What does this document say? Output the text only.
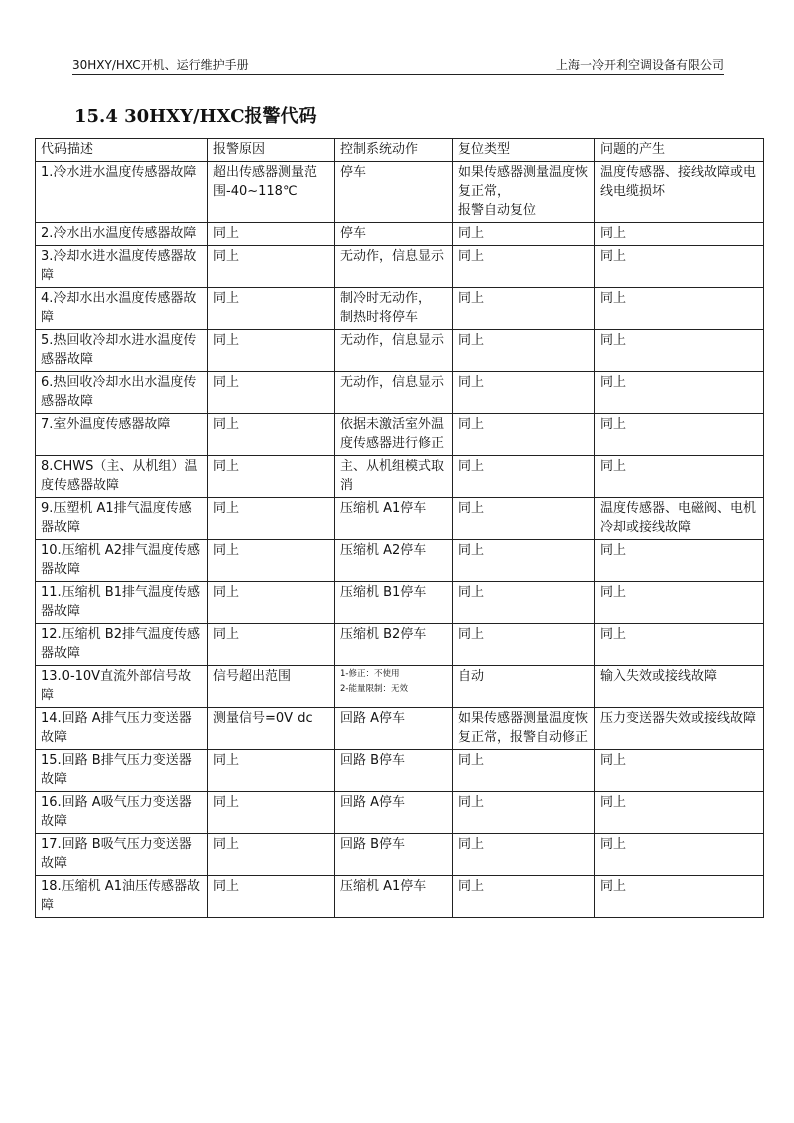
30HXY/HXC开机、运行维护手册	上海一冷开利空调设备有限公司
15.4 30HXY/HXC报警代码
代码描述	报警原因	控制系统动作	复位类型	问题的产生
1.冷水进水温度传感器故障	超出传感器测量范围-40~118℃	停车	如果传感器测量温度恢复正常，
报警自动复位	温度传感器、接线故障或电线电缆损坏
2.冷水出水温度传感器故障	同上	停车	同上	同上
3.冷却水进水温度传感器故障	同上	无动作，信息显示	同上	同上
4.冷却水出水温度传感器故障	同上	制冷时无动作，
制热时将停车	同上	同上
5.热回收冷却水进水温度传感器故障	同上	无动作，信息显示	同上	同上
6.热回收冷却水出水温度传感器故障	同上	无动作，信息显示	同上	同上
7.室外温度传感器故障	同上	依据未激活室外温度传感器进行修正	同上	同上
8.CHWS（主、从机组）温度传感器故障	同上	主、从机组模式取消	同上	同上
9.压塑机 A1排气温度传感器故障	同上	压缩机 A1停车	同上	温度传感器、电磁阀、电机冷却或接线故障
10.压缩机 A2排气温度传感器故障	同上	压缩机 A2停车	同上	同上
11.压缩机 B1排气温度传感器故障	同上	压缩机 B1停车	同上	同上
12.压缩机 B2排气温度传感器故障	同上	压缩机 B2停车	同上	同上
13.0-10V直流外部信号故障	信号超出范围	1-修正：不使用
2-能量限制：无效	自动	输入失效或接线故障
14.回路 A排气压力变送器故障	测量信号=0V dc	回路 A停车	如果传感器测量温度恢复正常，报警自动修正	压力变送器失效或接线故障
15.回路 B排气压力变送器故障	同上	回路 B停车	同上	同上
16.回路 A吸气压力变送器故障	同上	回路 A停车	同上	同上
17.回路 B吸气压力变送器故障	同上	回路 B停车	同上	同上
18.压缩机 A1油压传感器故障	同上	压缩机 A1停车	同上	同上
